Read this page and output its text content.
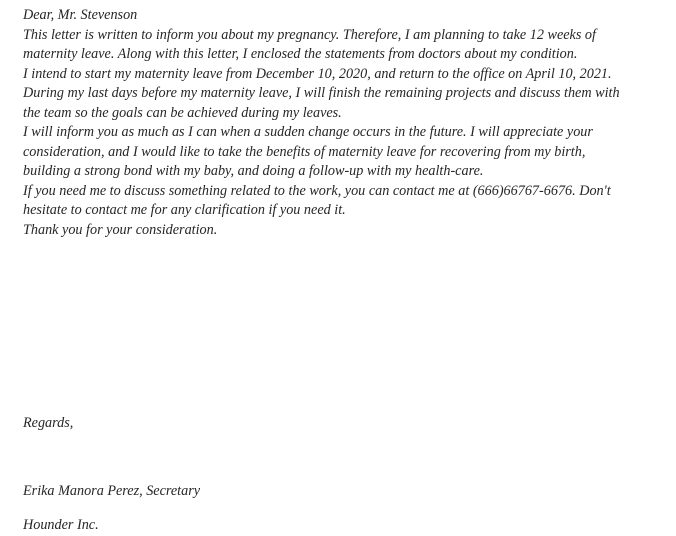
Dear, Mr. Stevenson

This letter is written to inform you about my pregnancy. Therefore, I am planning to take 12 weeks of maternity leave. Along with this letter, I enclosed the statements from doctors about my condition.

I intend to start my maternity leave from December 10, 2020, and return to the office on April 10, 2021. During my last days before my maternity leave, I will finish the remaining projects and discuss them with the team so the goals can be achieved during my leaves.

I will inform you as much as I can when a sudden change occurs in the future. I will appreciate your consideration, and I would like to take the benefits of maternity leave for recovering from my birth, building a strong bond with my baby, and doing a follow-up with my health-care.

If you need me to discuss something related to the work, you can contact me at (666)66767-6676. Don't hesitate to contact me for any clarification if you need it.

Thank you for your consideration.

Regards,

Erika Manora Perez, Secretary

Hounder Inc.
